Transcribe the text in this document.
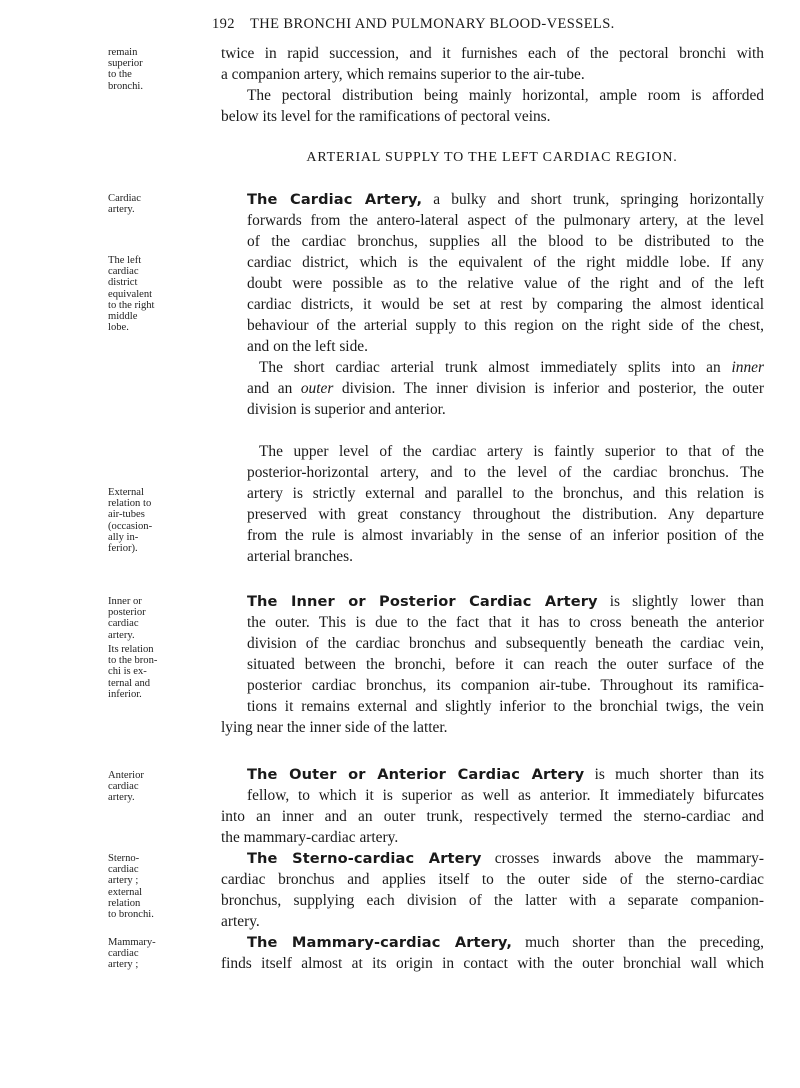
192 THE BRONCHI AND PULMONARY BLOOD-VESSELS.
remain
superior
to the
bronchi.
twice in rapid succession, and it furnishes each of the pectoral bronchi with
a companion artery, which remains superior to the air-tube.
The pectoral distribution being mainly horizontal, ample room is afforded
below its level for the ramifications of pectoral veins.
ARTERIAL SUPPLY TO THE LEFT CARDIAC REGION.
Cardiac
artery.
The left
cardiac
district
equivalent
to the right
middle
lobe.
The Cardiac Artery, a bulky and short trunk, springing horizontally
forwards from the antero-lateral aspect of the pulmonary artery, at the level
of the cardiac bronchus, supplies all the blood to be distributed to the
cardiac district, which is the equivalent of the right middle lobe. If any
doubt were possible as to the relative value of the right and of the left
cardiac districts, it would be set at rest by comparing the almost identical
behaviour of the arterial supply to this region on the right side of the chest,
and on the left side.
The short cardiac arterial trunk almost immediately splits into an inner
and an outer division. The inner division is inferior and posterior, the outer
division is superior and anterior.
External
relation to
air-tubes
(occasion-
ally in-
ferior).
The upper level of the cardiac artery is faintly superior to that of the
posterior-horizontal artery, and to the level of the cardiac bronchus. The
artery is strictly external and parallel to the bronchus, and this relation is
preserved with great constancy throughout the distribution. Any departure
from the rule is almost invariably in the sense of an inferior position of the
arterial branches.
Inner or
posterior
cardiac
artery.
Its relation
to the bron-
chi is ex-
ternal and
inferior.
The Inner or Posterior Cardiac Artery is slightly lower than
the outer. This is due to the fact that it has to cross beneath the anterior
division of the cardiac bronchus and subsequently beneath the cardiac vein,
situated between the bronchi, before it can reach the outer surface of the
posterior cardiac bronchus, its companion air-tube. Throughout its ramifica-
tions it remains external and slightly inferior to the bronchial twigs, the vein
lying near the inner side of the latter.
Anterior
cardiac
artery.
The Outer or Anterior Cardiac Artery is much shorter than its
fellow, to which it is superior as well as anterior. It immediately bifurcates
into an inner and an outer trunk, respectively termed the sterno-cardiac and
the mammary-cardiac artery.
Sterno-
cardiac
artery ;
external
relation
to bronchi.
The Sterno-cardiac Artery crosses inwards above the mammary-
cardiac bronchus and applies itself to the outer side of the sterno-cardiac
bronchus, supplying each division of the latter with a separate companion-
artery.
Mammary-
cardiac
artery ;
The Mammary-cardiac Artery, much shorter than the preceding,
finds itself almost at its origin in contact with the outer bronchial wall which
